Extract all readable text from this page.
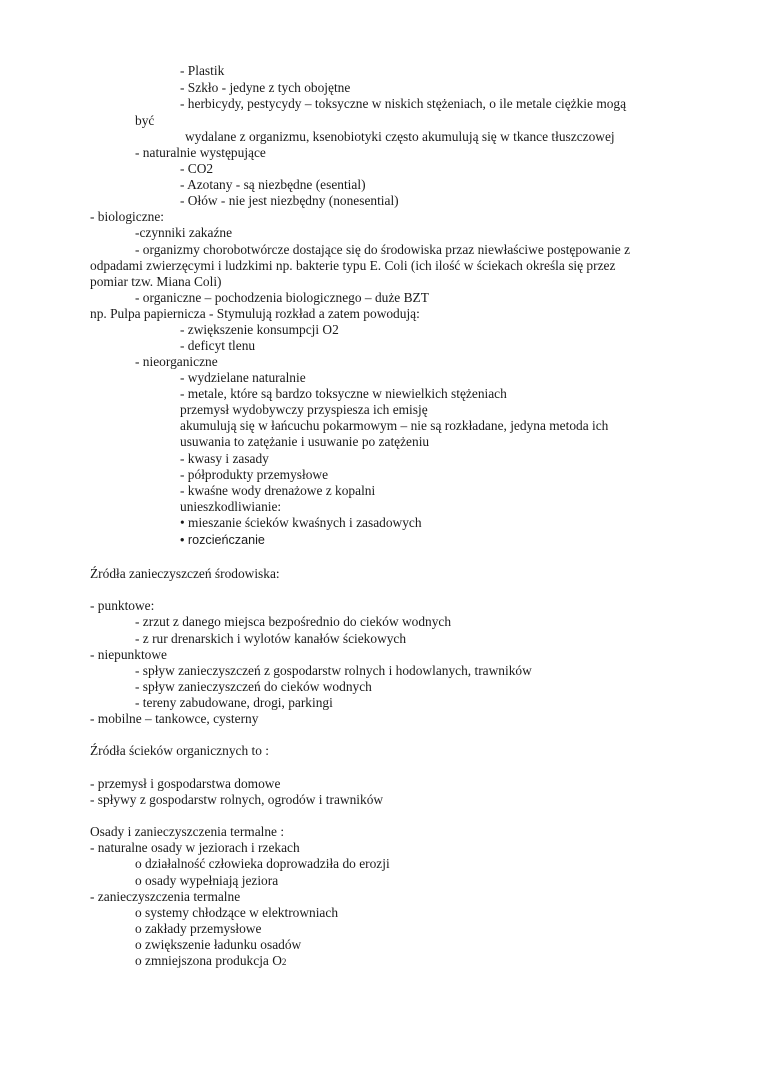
- Plastik
- Szkło - jedyne z tych obojętne
- herbicydy, pestycydy – toksyczne w niskich stężeniach, o ile metale ciężkie mogą
być
wydalane z organizmu, ksenobiotyki często akumulują się w tkance tłuszczowej
- naturalnie występujące
- CO2
- Azotany - są niezbędne (esential)
- Ołów - nie jest niezbędny (nonesential)
- biologiczne:
-czynniki zakaźne
- organizmy chorobotwórcze dostające się do środowiska przaz niewłaściwe postępowanie z
odpadami zwierzęcymi i ludzkimi np. bakterie typu E. Coli (ich ilość w ściekach określa się przez
pomiar tzw. Miana Coli)
- organiczne – pochodzenia biologicznego – duże BZT
np. Pulpa papiernicza - Stymulują rozkład a zatem powodują:
- zwiększenie konsumpcji O2
- deficyt tlenu
- nieorganiczne
- wydzielane naturalnie
- metale, które są bardzo toksyczne w niewielkich stężeniach
przemysł wydobywczy przyspiesza ich emisję
akumulują się w łańcuchu pokarmowym – nie są rozkładane, jedyna metoda ich
usuwania to zatężanie i usuwanie po zatężeniu
- kwasy i zasady
- półprodukty przemysłowe
- kwaśne wody drenażowe z kopalni
unieszkodliwianie:
• mieszanie ścieków kwaśnych i zasadowych
• rozcieńczanie
Źródła zanieczyszczeń środowiska:
- punktowe:
- zrzut z danego miejsca bezpośrednio do cieków wodnych
- z rur drenarskich i wylotów kanałów ściekowych
- niepunktowe
- spływ zanieczyszczeń z gospodarstw rolnych i hodowlanych, trawników
- spływ zanieczyszczeń do cieków wodnych
- tereny zabudowane, drogi, parkingi
- mobilne – tankowce, cysterny
Źródła ścieków organicznych to :
- przemysł i gospodarstwa domowe
- spływy z gospodarstw rolnych, ogrodów i trawników
Osady i zanieczyszczenia termalne :
- naturalne osady w jeziorach i rzekach
o działalność człowieka doprowadziła do erozji
o osady wypełniają jeziora
- zanieczyszczenia termalne
o systemy chłodzące w elektrowniach
o zakłady przemysłowe
o zwiększenie ładunku osadów
o zmniejszona produkcja O2
